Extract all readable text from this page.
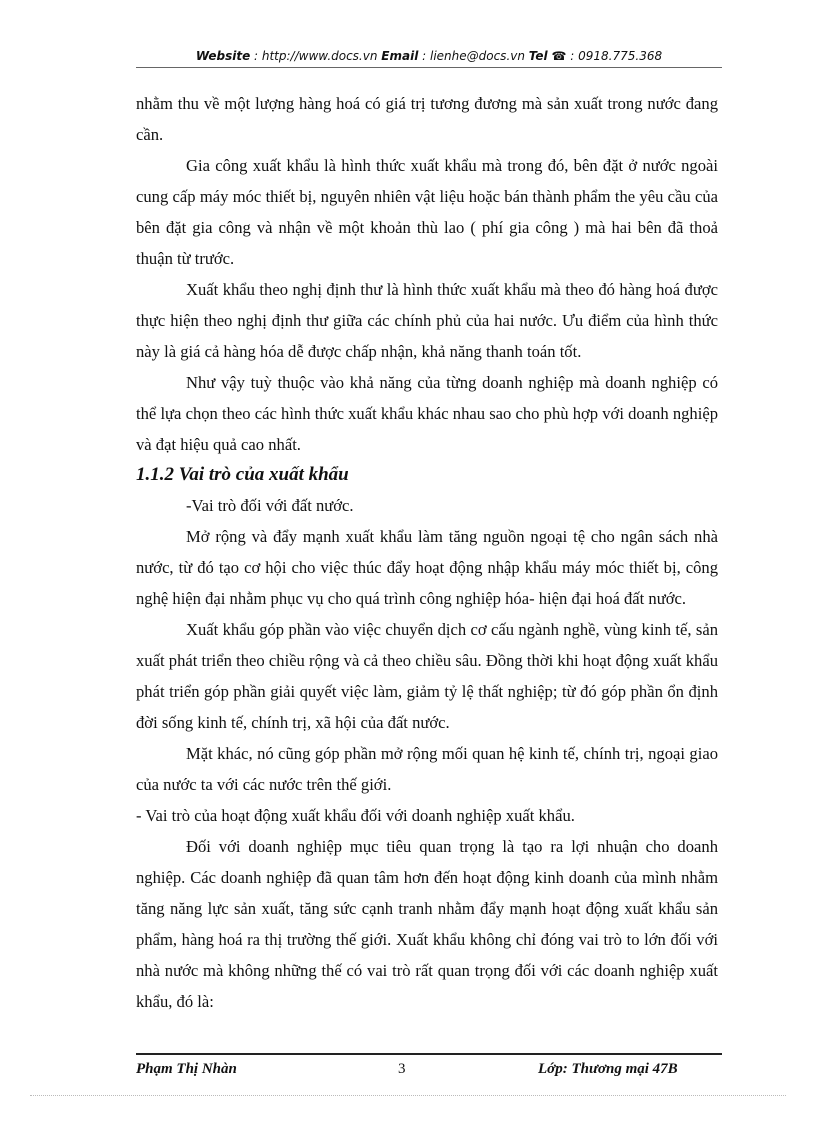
Website : http://www.docs.vn Email : lienhe@docs.vn Tel ☎ : 0918.775.368

nhằm thu về một lượng hàng hoá có giá trị tương đương mà sản xuất trong nước đang cần.

Gia công xuất khẩu là hình thức xuất khẩu mà trong đó, bên đặt ở nước ngoài cung cấp máy móc thiết bị, nguyên nhiên vật liệu hoặc bán thành phẩm the yêu cầu của bên đặt gia công và nhận về một khoản thù lao ( phí gia công ) mà hai bên đã thoả thuận từ trước.

Xuất khẩu theo nghị định thư là hình thức xuất khẩu mà theo đó hàng hoá được thực hiện theo nghị định thư giữa các chính phủ của hai nước. Ưu điểm của hình thức này là giá cả hàng hóa dễ được chấp nhận, khả năng thanh toán tốt.

Như vậy tuỳ thuộc vào khả năng của từng doanh nghiệp mà doanh nghiệp có thể lựa chọn theo các hình thức xuất khẩu khác nhau sao cho phù hợp với doanh nghiệp và đạt hiệu quả cao nhất.

1.1.2 Vai trò của xuất khẩu

-Vai trò đối với đất nước.

Mở rộng và đẩy mạnh xuất khẩu làm tăng nguồn ngoại tệ cho ngân sách nhà nước, từ đó tạo cơ hội cho việc thúc đẩy hoạt động nhập khẩu máy móc thiết bị, công nghệ hiện đại nhằm phục vụ cho quá trình công nghiệp hóa- hiện đại hoá đất nước.

Xuất khẩu góp phần vào việc chuyển dịch cơ cấu ngành nghề, vùng kinh tế, sản xuất phát triển theo chiều rộng và cả theo chiều sâu. Đồng thời khi hoạt động xuất khẩu phát triển góp phần giải quyết việc làm, giảm tỷ lệ thất nghiệp; từ đó góp phần ổn định đời sống kinh tế, chính trị, xã hội của đất nước.

Mặt khác, nó cũng góp phần mở rộng mối quan hệ kinh tế, chính trị, ngoại giao của nước ta với các nước trên thế giới.

- Vai trò của hoạt động xuất khẩu đối với doanh nghiệp xuất khẩu.

Đối với doanh nghiệp mục tiêu quan trọng là tạo ra lợi nhuận cho doanh nghiệp. Các doanh nghiệp đã quan tâm hơn đến hoạt động kinh doanh của mình nhằm tăng năng lực sản xuất, tăng sức cạnh tranh nhằm đẩy mạnh hoạt động xuất khẩu sản phẩm, hàng hoá ra thị trường thế giới. Xuất khẩu không chỉ đóng vai trò to lớn đối với nhà nước mà không những thế có vai trò rất quan trọng đối với các doanh nghiệp xuất khẩu, đó là:

Phạm Thị Nhàn	3	Lớp: Thương mại 47B
